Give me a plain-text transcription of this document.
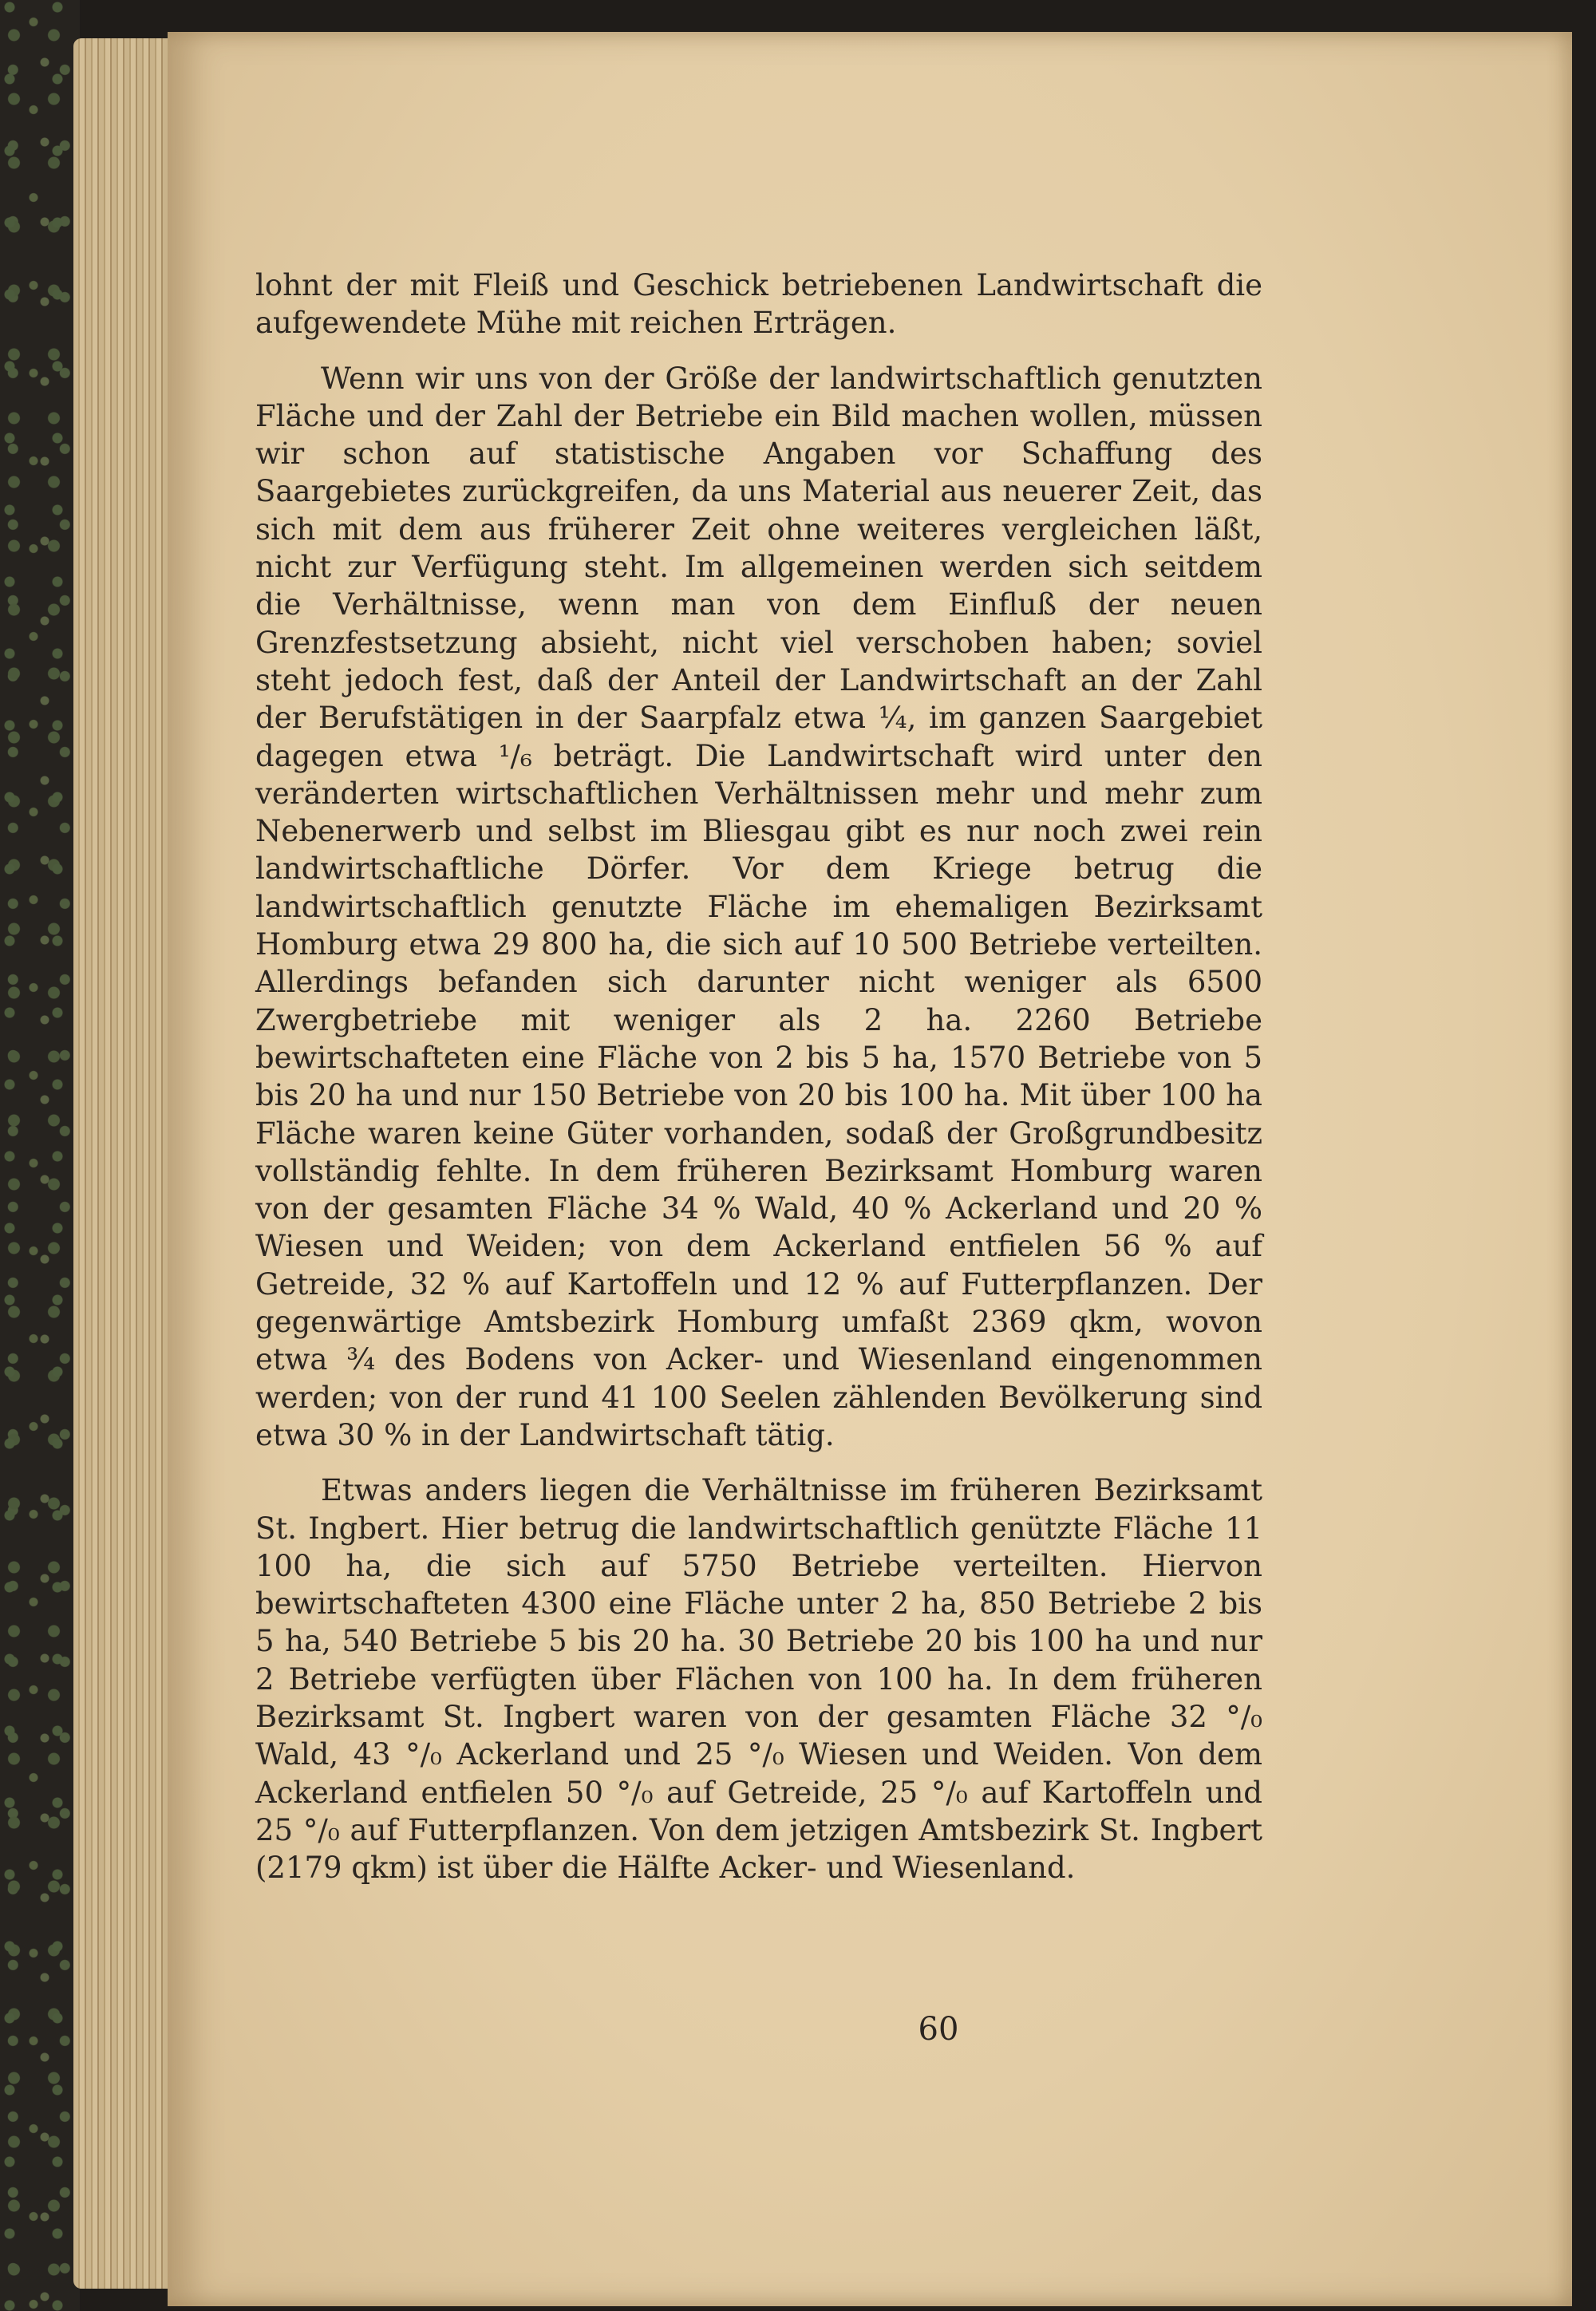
lohnt der mit Fleiß und Geschick betriebenen Landwirtschaft die aufgewendete Mühe mit reichen Erträgen.

Wenn wir uns von der Größe der landwirtschaftlich genutzten Fläche und der Zahl der Betriebe ein Bild machen wollen, müssen wir schon auf statistische Angaben vor Schaffung des Saargebietes zurückgreifen, da uns Material aus neuerer Zeit, das sich mit dem aus früherer Zeit ohne weiteres vergleichen läßt, nicht zur Verfügung steht. Im allgemeinen werden sich seitdem die Verhältnisse, wenn man von dem Einfluß der neuen Grenzfestsetzung absieht, nicht viel verschoben haben; soviel steht jedoch fest, daß der Anteil der Landwirtschaft an der Zahl der Berufstätigen in der Saarpfalz etwa ¼, im ganzen Saargebiet dagegen etwa ¹/₆ beträgt. Die Landwirtschaft wird unter den veränderten wirtschaftlichen Verhältnissen mehr und mehr zum Nebenerwerb und selbst im Bliesgau gibt es nur noch zwei rein landwirtschaftliche Dörfer. Vor dem Kriege betrug die landwirtschaftlich genutzte Fläche im ehemaligen Bezirksamt Homburg etwa 29 800 ha, die sich auf 10 500 Betriebe verteilten. Allerdings befanden sich darunter nicht weniger als 6500 Zwergbetriebe mit weniger als 2 ha. 2260 Betriebe bewirtschafteten eine Fläche von 2 bis 5 ha, 1570 Betriebe von 5 bis 20 ha und nur 150 Betriebe von 20 bis 100 ha. Mit über 100 ha Fläche waren keine Güter vorhanden, sodaß der Großgrundbesitz vollständig fehlte. In dem früheren Bezirksamt Homburg waren von der gesamten Fläche 34 % Wald, 40 % Ackerland und 20 % Wiesen und Weiden; von dem Ackerland entfielen 56 % auf Getreide, 32 % auf Kartoffeln und 12 % auf Futterpflanzen. Der gegenwärtige Amtsbezirk Homburg umfaßt 2369 qkm, wovon etwa ¾ des Bodens von Acker- und Wiesenland eingenommen werden; von der rund 41 100 Seelen zählenden Bevölkerung sind etwa 30 % in der Landwirtschaft tätig.

Etwas anders liegen die Verhältnisse im früheren Bezirksamt St. Ingbert. Hier betrug die landwirtschaftlich genützte Fläche 11 100 ha, die sich auf 5750 Betriebe verteilten. Hiervon bewirtschafteten 4300 eine Fläche unter 2 ha, 850 Betriebe 2 bis 5 ha, 540 Betriebe 5 bis 20 ha. 30 Betriebe 20 bis 100 ha und nur 2 Betriebe verfügten über Flächen von 100 ha. In dem früheren Bezirksamt St. Ingbert waren von der gesamten Fläche 32 °/₀ Wald, 43 °/₀ Ackerland und 25 °/₀ Wiesen und Weiden. Von dem Ackerland entfielen 50 °/₀ auf Getreide, 25 °/₀ auf Kartoffeln und 25 °/₀ auf Futterpflanzen. Von dem jetzigen Amtsbezirk St. Ingbert (2179 qkm) ist über die Hälfte Acker- und Wiesenland.

60
